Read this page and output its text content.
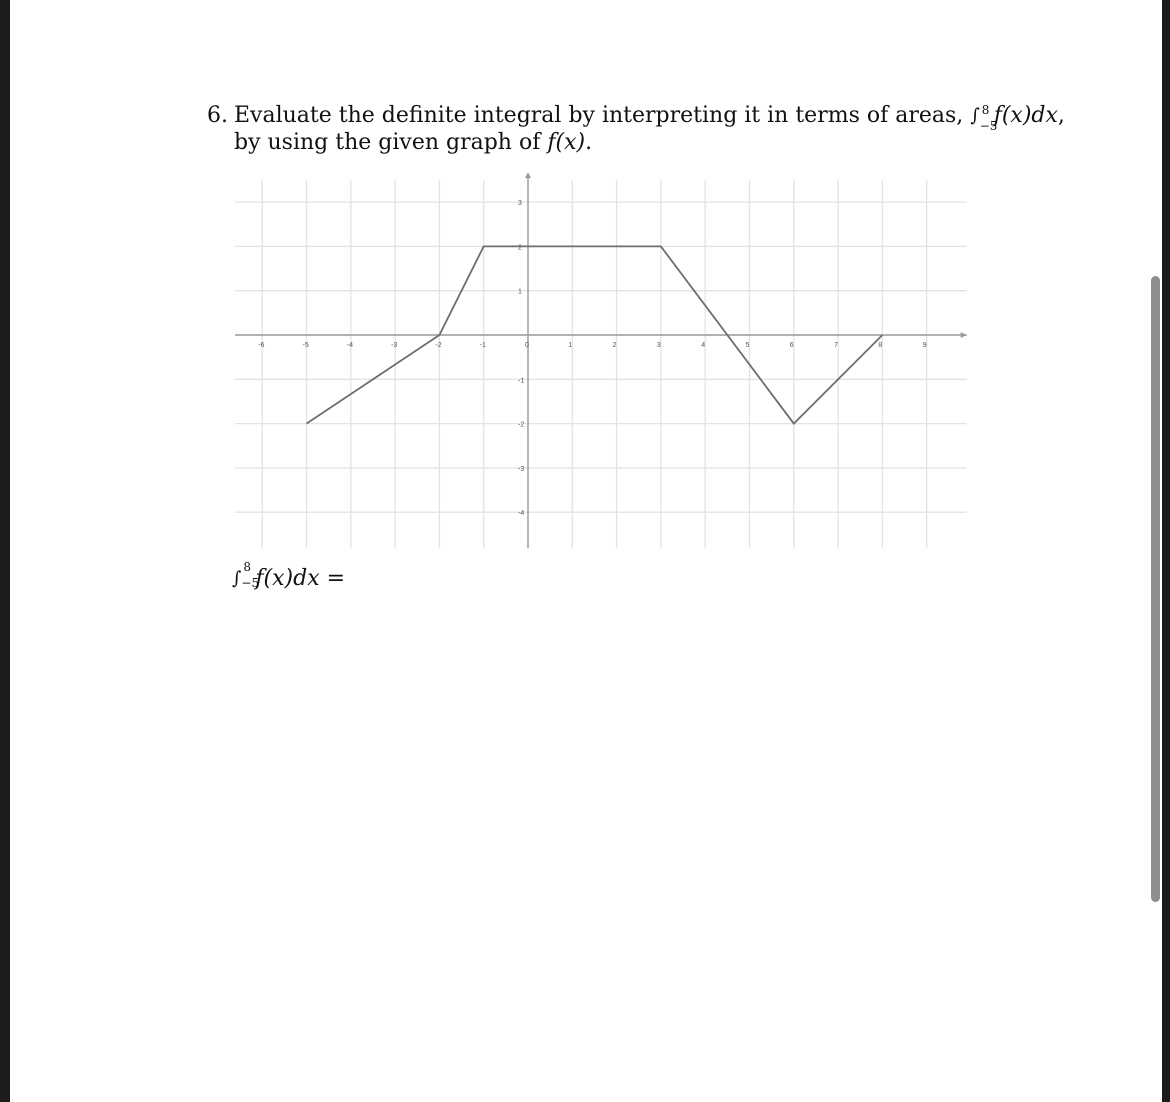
6. Evaluate the definite integral by interpreting it in terms of areas, ∫ 8
−5
f(x)dx,
by using the given graph of f(x).
-6	-5	-4	-3	-2	-1	0	1	2	3	4	5	6	7	8	9
3
2
1
-1
-2
-3
-4
∫
8
−5
f(x)dx =
